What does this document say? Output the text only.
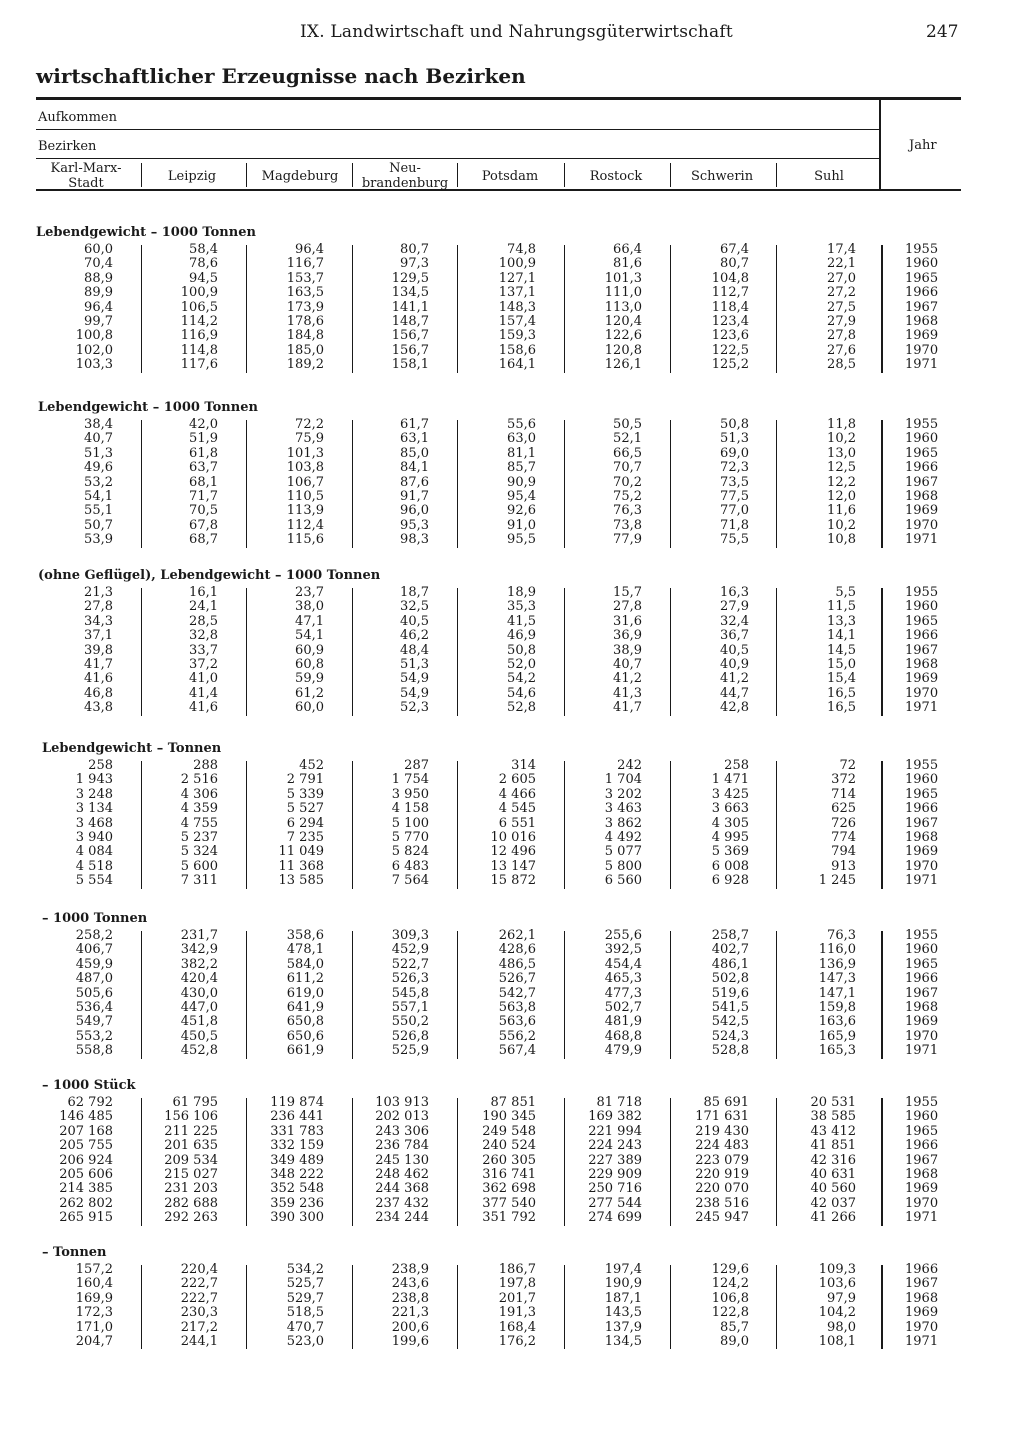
IX. Landwirtschaft und Nahrungsgüterwirtschaft	247
wirtschaftlicher Erzeugnisse nach Bezirken
Aufkommen
Bezirken	Jahr
Karl-Marx-
Stadt	Leipzig	Magdeburg
Neu-
brandenburg	Potsdam	Rostock	Schwerin	Suhl
Lebendgewicht – 1000 Tonnen
60,0	58,4	96,4	80,7	74,8	66,4	67,4	17,4	1955
70,4	78,6	116,7	97,3	100,9	81,6	80,7	22,1	1960
88,9	94,5	153,7	129,5	127,1	101,3	104,8	27,0	1965
89,9	100,9	163,5	134,5	137,1	111,0	112,7	27,2	1966
96,4	106,5	173,9	141,1	148,3	113,0	118,4	27,5	1967
99,7	114,2	178,6	148,7	157,4	120,4	123,4	27,9	1968
100,8	116,9	184,8	156,7	159,3	122,6	123,6	27,8	1969
102,0	114,8	185,0	156,7	158,6	120,8	122,5	27,6	1970
103,3	117,6	189,2	158,1	164,1	126,1	125,2	28,5	1971
Lebendgewicht – 1000 Tonnen
38,4	42,0	72,2	61,7	55,6	50,5	50,8	11,8	1955
40,7	51,9	75,9	63,1	63,0	52,1	51,3	10,2	1960
51,3	61,8	101,3	85,0	81,1	66,5	69,0	13,0	1965
49,6	63,7	103,8	84,1	85,7	70,7	72,3	12,5	1966
53,2	68,1	106,7	87,6	90,9	70,2	73,5	12,2	1967
54,1	71,7	110,5	91,7	95,4	75,2	77,5	12,0	1968
55,1	70,5	113,9	96,0	92,6	76,3	77,0	11,6	1969
50,7	67,8	112,4	95,3	91,0	73,8	71,8	10,2	1970
53,9	68,7	115,6	98,3	95,5	77,9	75,5	10,8	1971
(ohne Geflügel), Lebendgewicht – 1000 Tonnen
21,3	16,1	23,7	18,7	18,9	15,7	16,3	5,5	1955
27,8	24,1	38,0	32,5	35,3	27,8	27,9	11,5	1960
34,3	28,5	47,1	40,5	41,5	31,6	32,4	13,3	1965
37,1	32,8	54,1	46,2	46,9	36,9	36,7	14,1	1966
39,8	33,7	60,9	48,4	50,8	38,9	40,5	14,5	1967
41,7	37,2	60,8	51,3	52,0	40,7	40,9	15,0	1968
41,6	41,0	59,9	54,9	54,2	41,2	41,2	15,4	1969
46,8	41,4	61,2	54,9	54,6	41,3	44,7	16,5	1970
43,8	41,6	60,0	52,3	52,8	41,7	42,8	16,5	1971
Lebendgewicht – Tonnen
258	288	452	287	314	242	258	72	1955
1 943	2 516	2 791	1 754	2 605	1 704	1 471	372	1960
3 248	4 306	5 339	3 950	4 466	3 202	3 425	714	1965
3 134	4 359	5 527	4 158	4 545	3 463	3 663	625	1966
3 468	4 755	6 294	5 100	6 551	3 862	4 305	726	1967
3 940	5 237	7 235	5 770	10 016	4 492	4 995	774	1968
4 084	5 324	11 049	5 824	12 496	5 077	5 369	794	1969
4 518	5 600	11 368	6 483	13 147	5 800	6 008	913	1970
5 554	7 311	13 585	7 564	15 872	6 560	6 928	1 245	1971
– 1000 Tonnen
258,2	231,7	358,6	309,3	262,1	255,6	258,7	76,3	1955
406,7	342,9	478,1	452,9	428,6	392,5	402,7	116,0	1960
459,9	382,2	584,0	522,7	486,5	454,4	486,1	136,9	1965
487,0	420,4	611,2	526,3	526,7	465,3	502,8	147,3	1966
505,6	430,0	619,0	545,8	542,7	477,3	519,6	147,1	1967
536,4	447,0	641,9	557,1	563,8	502,7	541,5	159,8	1968
549,7	451,8	650,8	550,2	563,6	481,9	542,5	163,6	1969
553,2	450,5	650,6	526,8	556,2	468,8	524,3	165,9	1970
558,8	452,8	661,9	525,9	567,4	479,9	528,8	165,3	1971
– 1000 Stück
62 792	61 795	119 874	103 913	87 851	81 718	85 691	20 531	1955
146 485	156 106	236 441	202 013	190 345	169 382	171 631	38 585	1960
207 168	211 225	331 783	243 306	249 548	221 994	219 430	43 412	1965
205 755	201 635	332 159	236 784	240 524	224 243	224 483	41 851	1966
206 924	209 534	349 489	245 130	260 305	227 389	223 079	42 316	1967
205 606	215 027	348 222	248 462	316 741	229 909	220 919	40 631	1968
214 385	231 203	352 548	244 368	362 698	250 716	220 070	40 560	1969
262 802	282 688	359 236	237 432	377 540	277 544	238 516	42 037	1970
265 915	292 263	390 300	234 244	351 792	274 699	245 947	41 266	1971
– Tonnen
157,2	220,4	534,2	238,9	186,7	197,4	129,6	109,3	1966
160,4	222,7	525,7	243,6	197,8	190,9	124,2	103,6	1967
169,9	222,7	529,7	238,8	201,7	187,1	106,8	97,9	1968
172,3	230,3	518,5	221,3	191,3	143,5	122,8	104,2	1969
171,0	217,2	470,7	200,6	168,4	137,9	85,7	98,0	1970
204,7	244,1	523,0	199,6	176,2	134,5	89,0	108,1	1971
